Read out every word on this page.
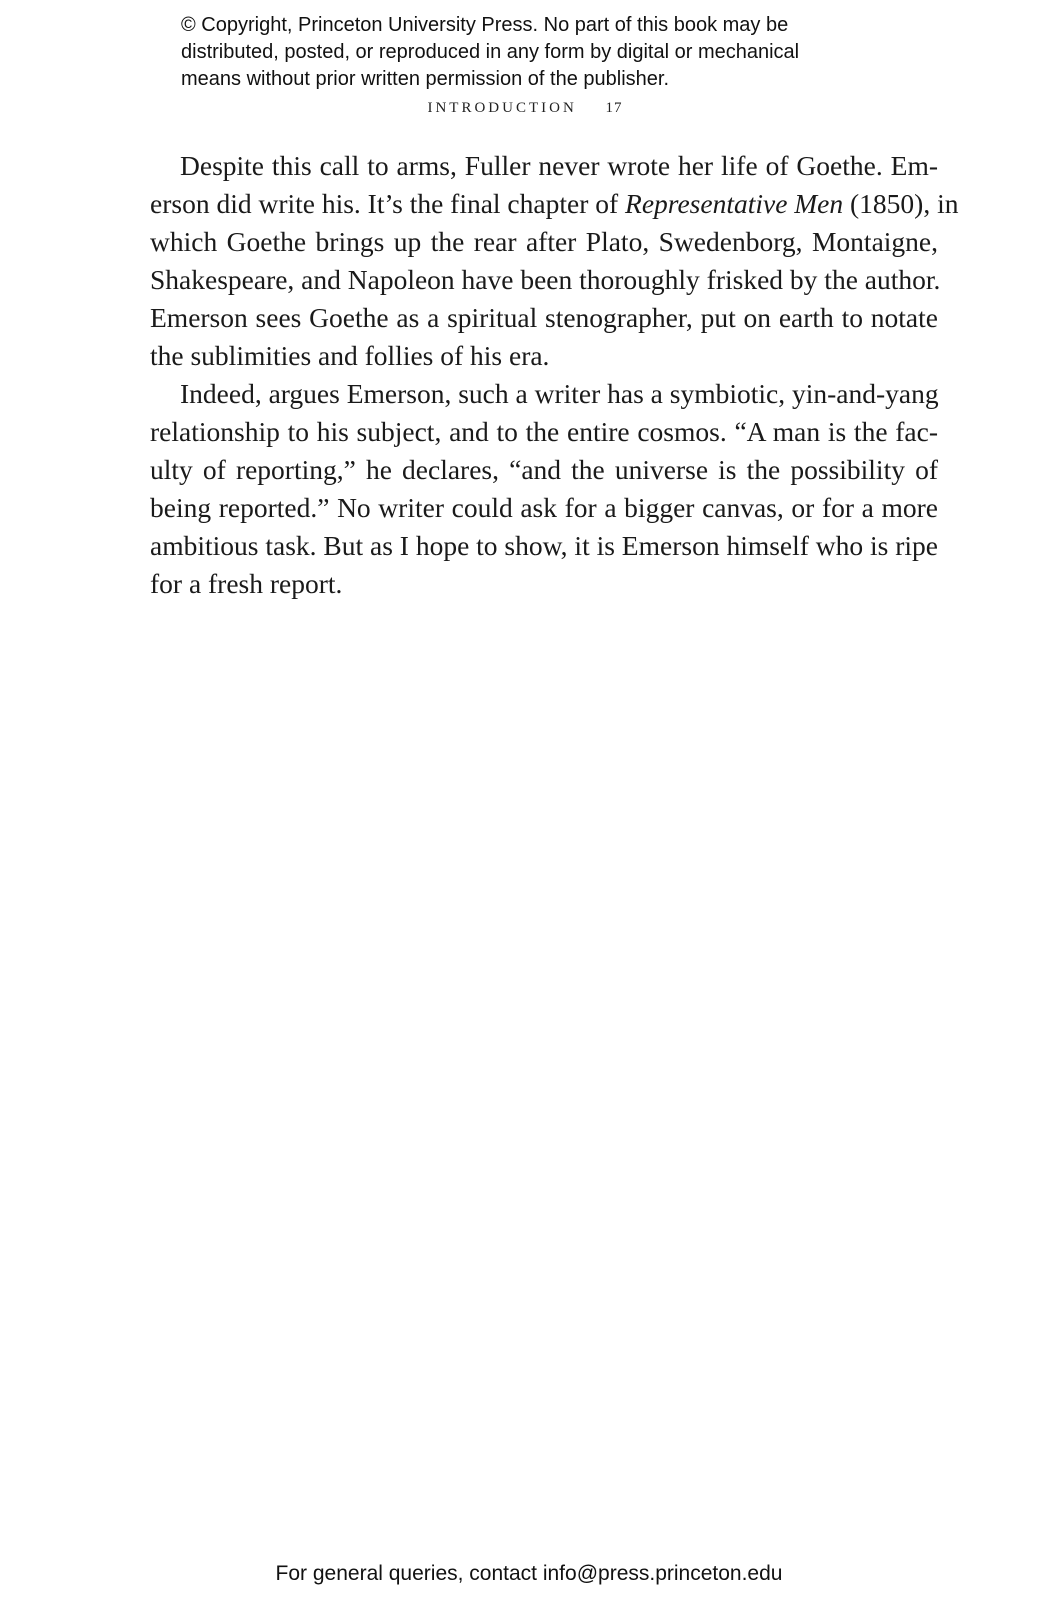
© Copyright, Princeton University Press. No part of this book may be
distributed, posted, or reproduced in any form by digital or mechanical
means without prior written permission of the publisher.
INTRODUCTION 17
Despite this call to arms, Fuller never wrote her life of Goethe. Em-
erson did write his. It’s the final chapter of Representative Men (1850), in
which Goethe brings up the rear after Plato, Swedenborg, Montaigne,
Shakespeare, and Napoleon have been thoroughly frisked by the author.
Emerson sees Goethe as a spiritual stenographer, put on earth to notate
the sublimities and follies of his era.
Indeed, argues Emerson, such a writer has a symbiotic, yin-and-yang
relationship to his subject, and to the entire cosmos. “A man is the fac-
ulty of reporting,” he declares, “and the universe is the possibility of
being reported.” No writer could ask for a bigger canvas, or for a more
ambitious task. But as I hope to show, it is Emerson himself who is ripe
for a fresh report.
For general queries, contact info@press.princeton.edu
